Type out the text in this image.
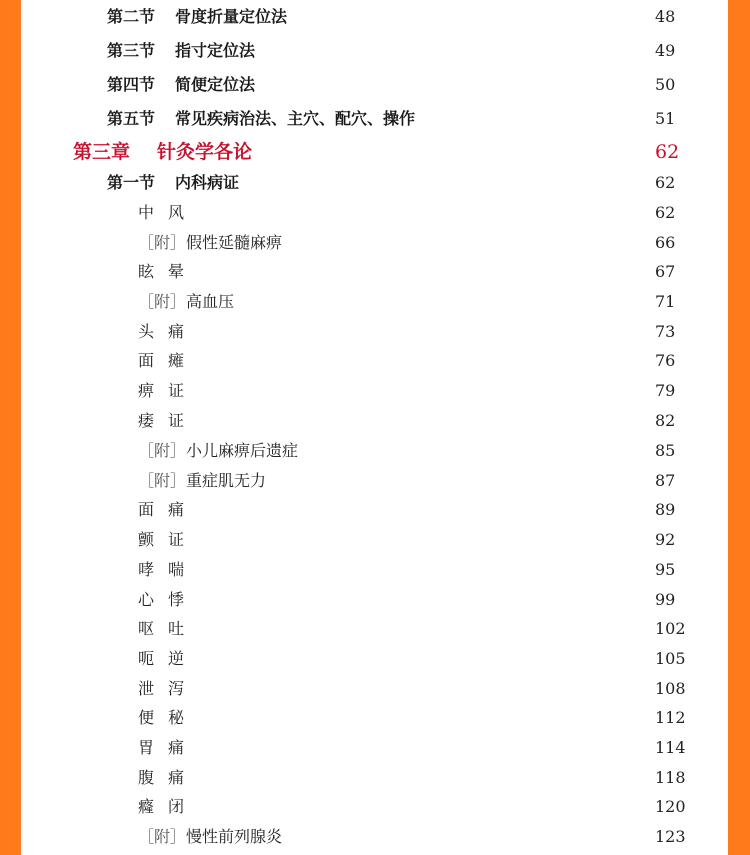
第二节 骨度折量定位法	48
第三节 指寸定位法	49
第四节 简便定位法	50
第五节 常见疾病治法、主穴、配穴、操作	51
第三章 针灸学各论	62
第一节 内科病证	62
中风	62
［附］假性延髓麻痹	66
眩晕	67
［附］高血压	71
头痛	73
面瘫	76
痹证	79
痿证	82
［附］小儿麻痹后遗症	85
［附］重症肌无力	87
面痛	89
颤证	92
哮喘	95
心悸	99
呕吐	102
呃逆	105
泄泻	108
便秘	112
胃痛	114
腹痛	118
癃闭	120
［附］慢性前列腺炎	123
